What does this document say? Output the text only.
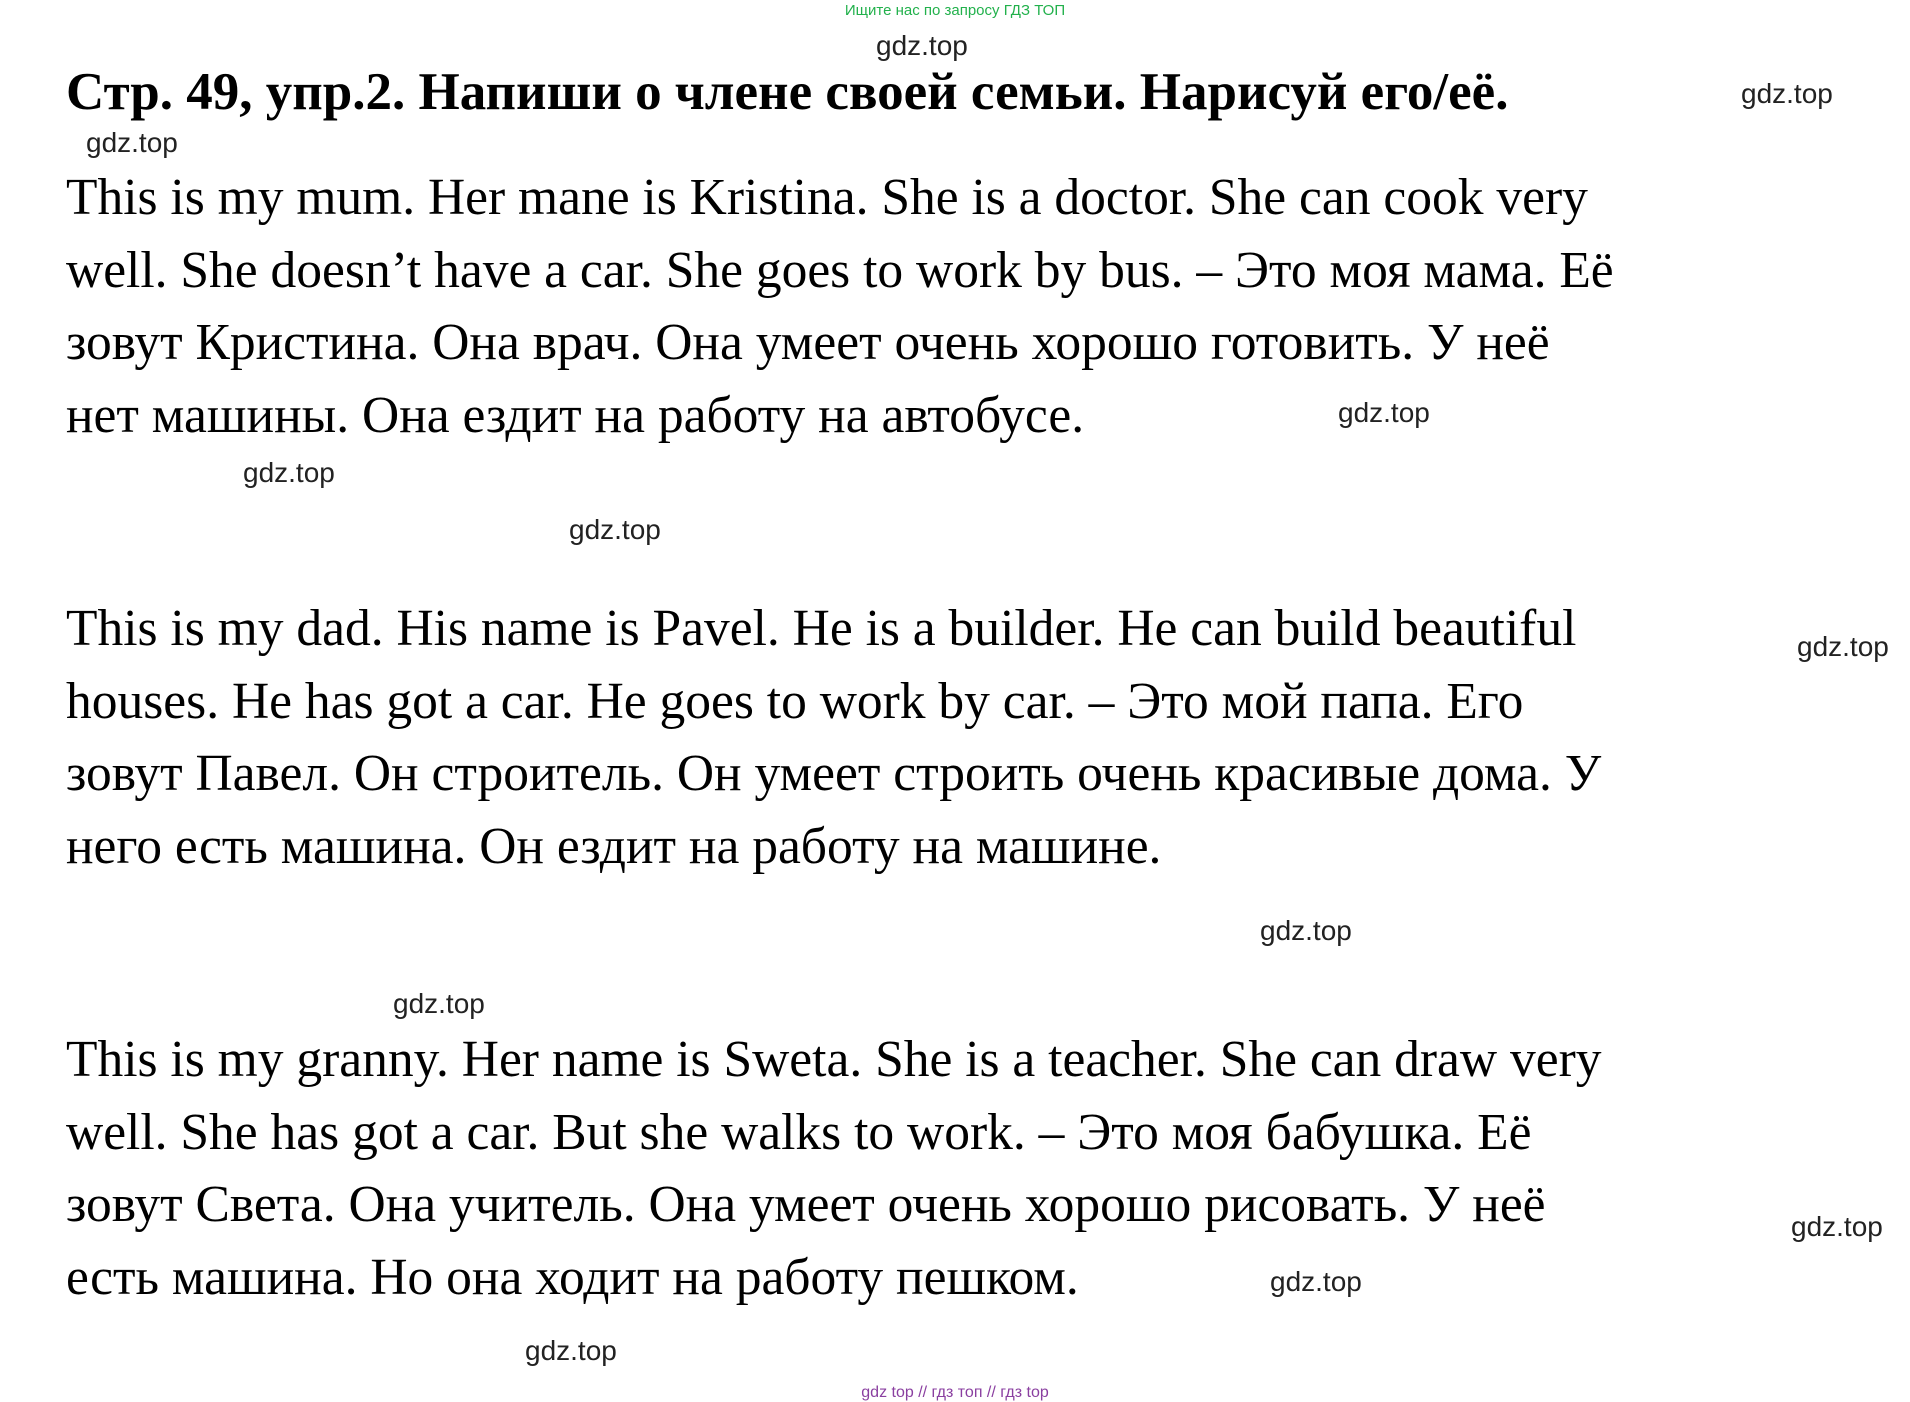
Ищите нас по запросу ГДЗ ТОП
Стр. 49, упр.2. Напиши о члене своей семьи. Нарисуй его/её.
This is my mum. Her mane is Kristina. She is a doctor. She can cook very
well. She doesn’t have a car. She goes to work by bus. – Это моя мама. Её
зовут Кристина. Она врач. Она умеет очень хорошо готовить. У неё
нет машины. Она ездит на работу на автобусе.
This is my dad. His name is Pavel. He is a builder. He can build beautiful
houses. He has got a car. He goes to work by car. – Это мой папа. Его
зовут Павел. Он строитель. Он умеет строить очень красивые дома. У
него есть машина. Он ездит на работу на машине.
This is my granny. Her name is Sweta. She is a teacher. She can draw very
well. She has got a car. But she walks to work. – Это моя бабушка. Её
зовут Света. Она учитель. Она умеет очень хорошо рисовать. У неё
есть машина. Но она ходит на работу пешком.
gdz.top
gdz.top
gdz.top
gdz.top
gdz.top
gdz.top
gdz.top
gdz.top
gdz.top
gdz.top
gdz.top
gdz.top
gdz top // гдз топ // гдз top
